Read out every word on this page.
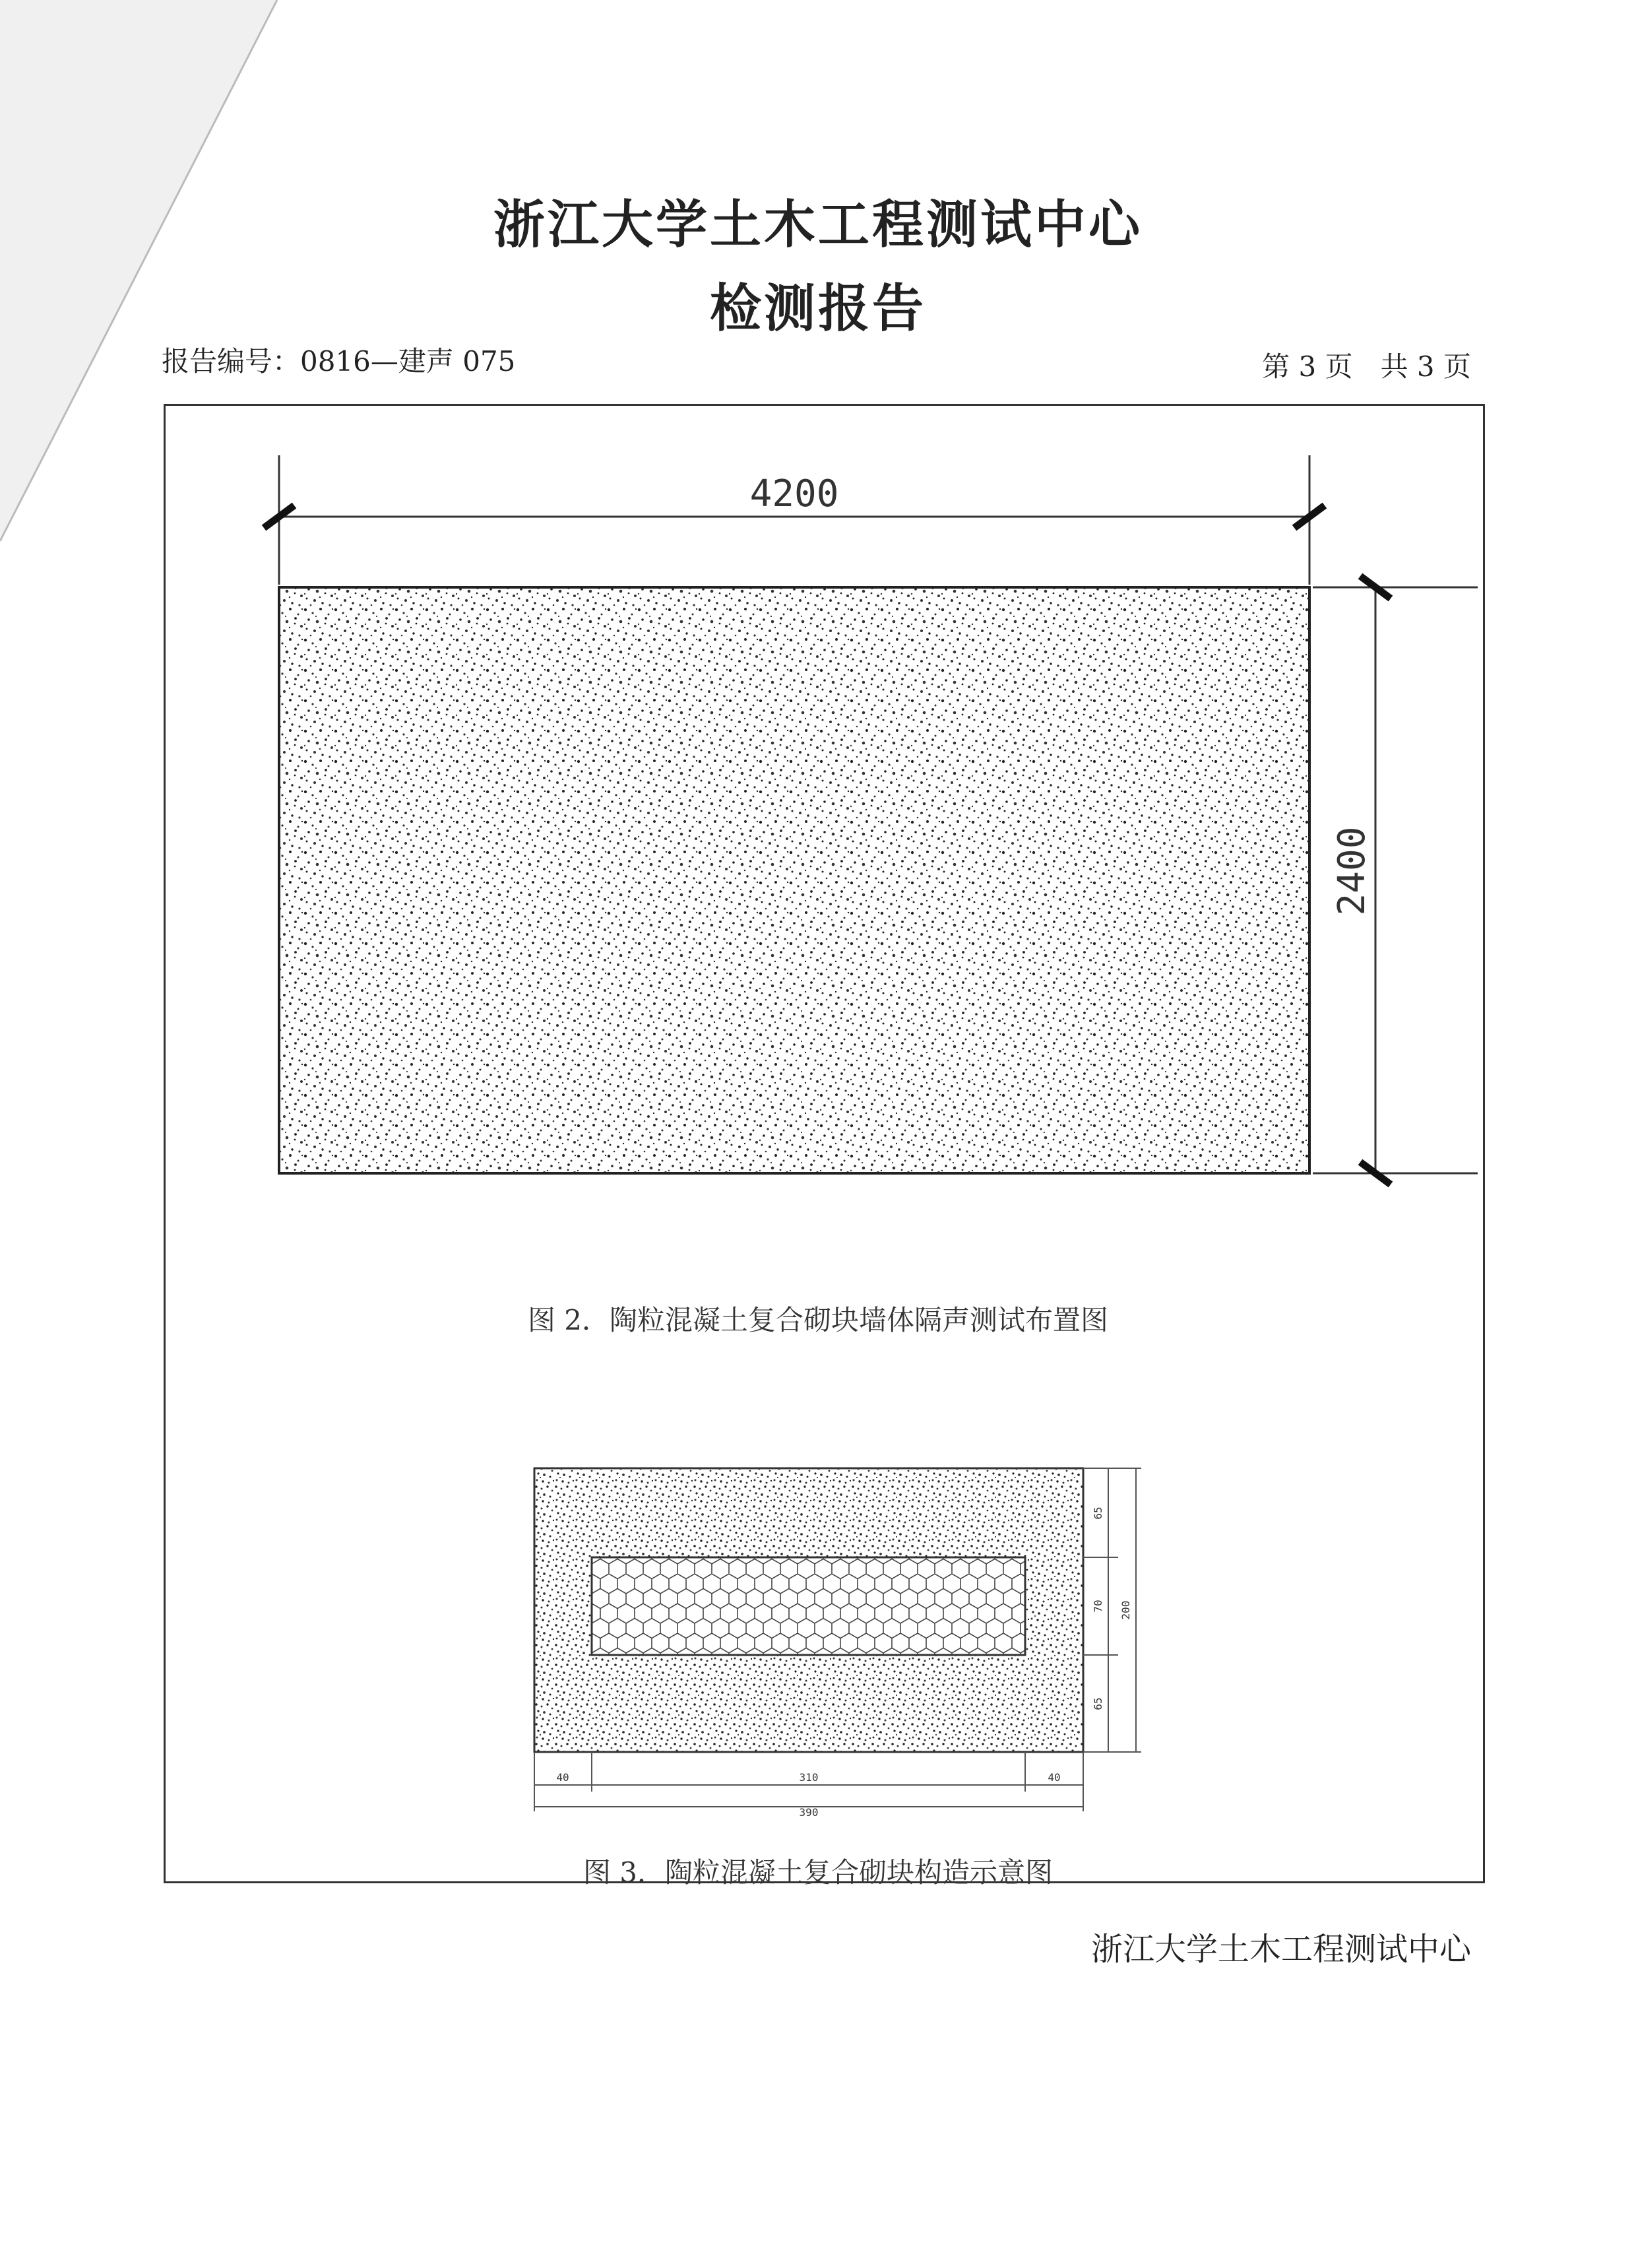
浙江大学土木工程测试中心
检测报告
报告编号：0816—建声 075	第 3 页　共 3 页
4200
2400
65
70
65
200
40	310	40
390
图 2．陶粒混凝土复合砌块墙体隔声测试布置图
图 3．陶粒混凝土复合砌块构造示意图
浙江大学土木工程测试中心
